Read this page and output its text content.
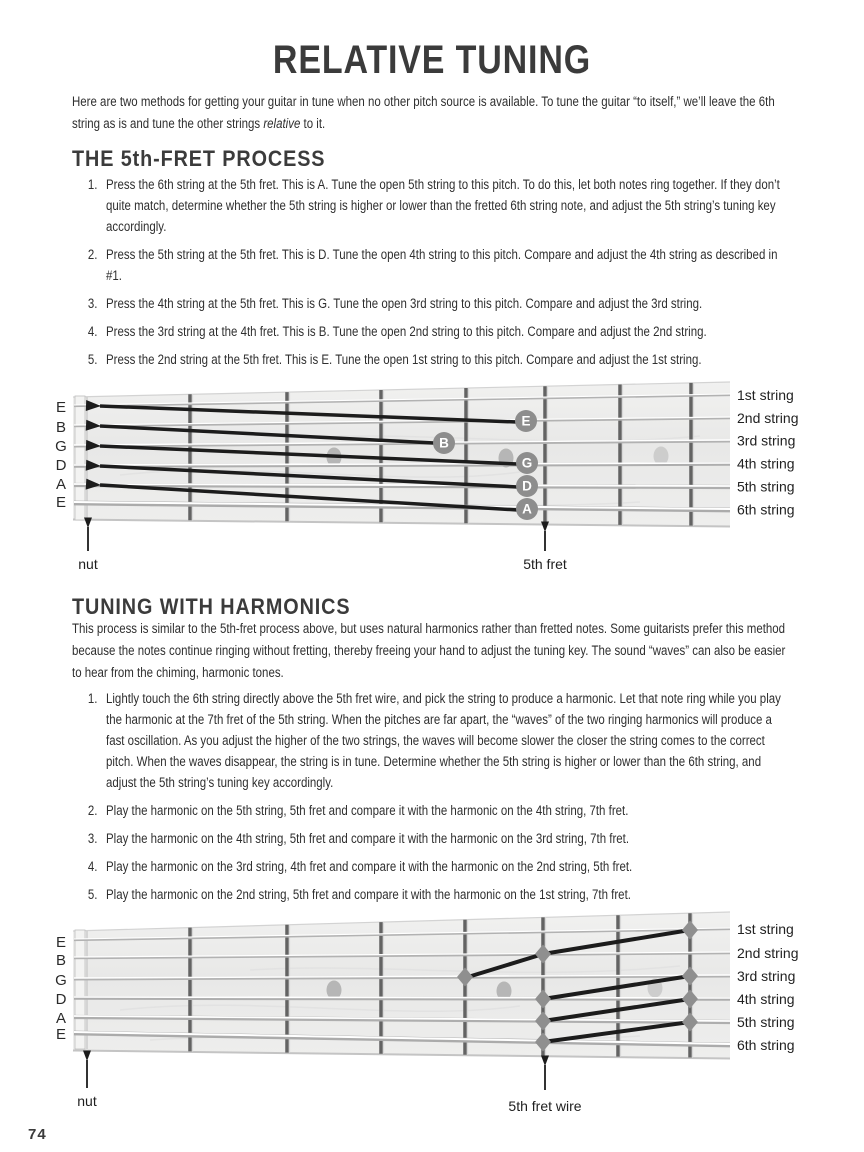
RELATIVE TUNING
Here are two methods for getting your guitar in tune when no other pitch source is available. To tune the guitar “to itself,” we’ll leave the 6th string as is and tune the other strings relative to it.
THE 5th-FRET PROCESS
1. Press the 6th string at the 5th fret. This is A. Tune the open 5th string to this pitch. To do this, let both notes ring together. If they don’t quite match, determine whether the 5th string is higher or lower than the fretted 6th string note, and adjust the 5th string’s tuning key accordingly.
2. Press the 5th string at the 5th fret. This is D. Tune the open 4th string to this pitch. Compare and adjust the 4th string as described in #1.
3. Press the 4th string at the 5th fret. This is G. Tune the open 3rd string to this pitch. Compare and adjust the 3rd string.
4. Press the 3rd string at the 4th fret. This is B. Tune the open 2nd string to this pitch. Compare and adjust the 2nd string.
5. Press the 2nd string at the 5th fret. This is E. Tune the open 1st string to this pitch. Compare and adjust the 1st string.
E
B
G
D
A
E
B
G
D
A
E
1st string
2nd string
3rd string
4th string
5th string
6th string
nut	5th fret
TUNING WITH HARMONICS
This process is similar to the 5th-fret process above, but uses natural harmonics rather than fretted notes. Some guitarists prefer this method because the notes continue ringing without fretting, thereby freeing your hand to adjust the tuning key. The sound “waves” can also be easier to hear from the chiming, harmonic tones.
1. Lightly touch the 6th string directly above the 5th fret wire, and pick the string to produce a harmonic. Let that note ring while you play the harmonic at the 7th fret of the 5th string. When the pitches are far apart, the “waves” of the two ringing harmonics will produce a fast oscillation. As you adjust the higher of the two strings, the waves will become slower the closer the string comes to the correct pitch. When the waves disappear, the string is in tune. Determine whether the 5th string is higher or lower than the 6th string, and adjust the 5th string’s tuning key accordingly.
2. Play the harmonic on the 5th string, 5th fret and compare it with the harmonic on the 4th string, 7th fret.
3. Play the harmonic on the 4th string, 5th fret and compare it with the harmonic on the 3rd string, 7th fret.
4. Play the harmonic on the 3rd string, 4th fret and compare it with the harmonic on the 2nd string, 5th fret.
5. Play the harmonic on the 2nd string, 5th fret and compare it with the harmonic on the 1st string, 7th fret.
E
B
G
D
A
E
1st string
2nd string
3rd string
4th string
5th string
6th string
nut	5th fret wire
74
